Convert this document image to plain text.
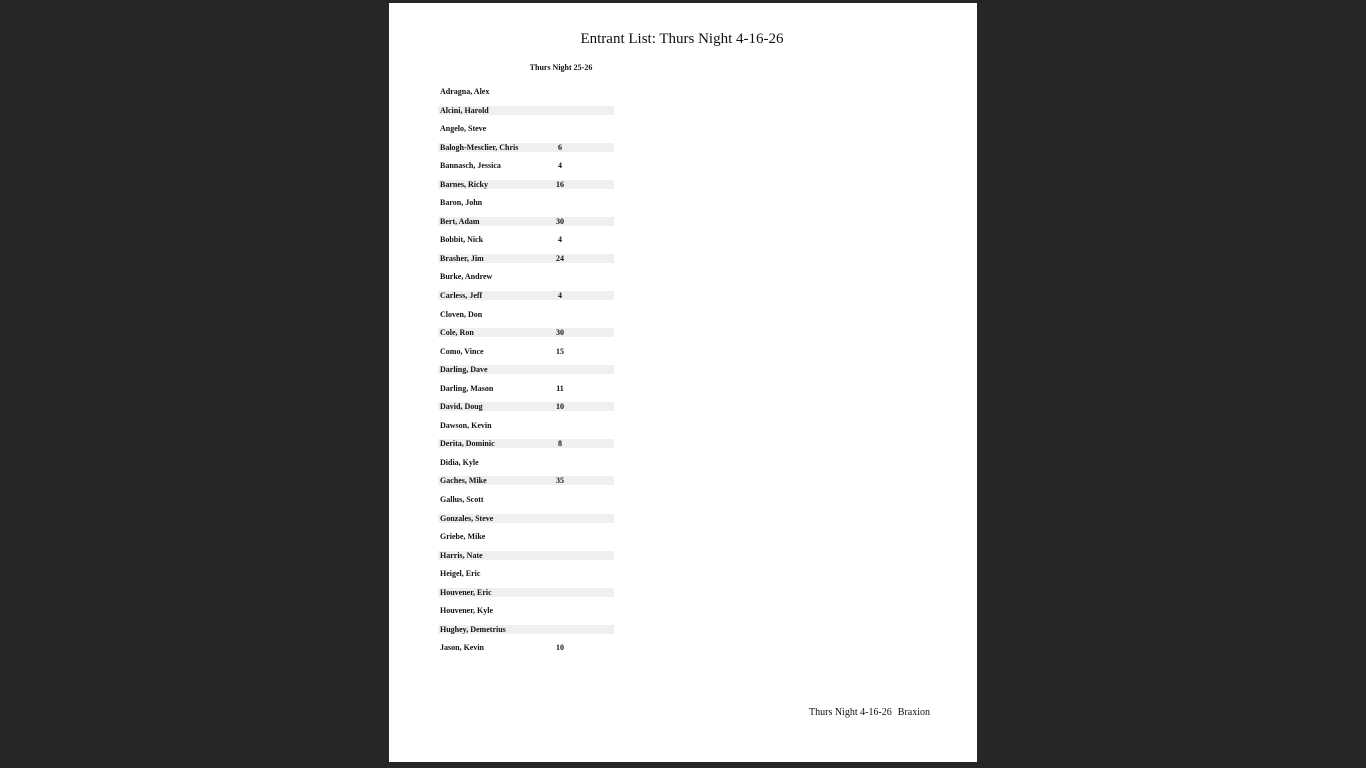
Entrant List: Thurs Night 4-16-26
Thurs Night 25-26
Adragna, Alex
Alcini, Harold
Angelo, Steve
Balogh-Mesclier, Chris	6
Bannasch, Jessica	4
Barnes, Ricky	16
Baron, John
Bert, Adam	30
Bobbit, Nick	4
Brasher, Jim	24
Burke, Andrew
Carless, Jeff	4
Cloven, Don
Cole, Ron	30
Como, Vince	15
Darling, Dave
Darling, Mason	11
David, Doug	10
Dawson, Kevin
Derita, Dominic	8
Didia, Kyle
Gaches, Mike	35
Gallus, Scott
Gonzales, Steve
Griebe, Mike
Harris, Nate
Heigel, Eric
Houvener, Eric
Houvener, Kyle
Hughey, Demetrius
Jason, Kevin	10
Thurs Night 4-16-26 Braxion
